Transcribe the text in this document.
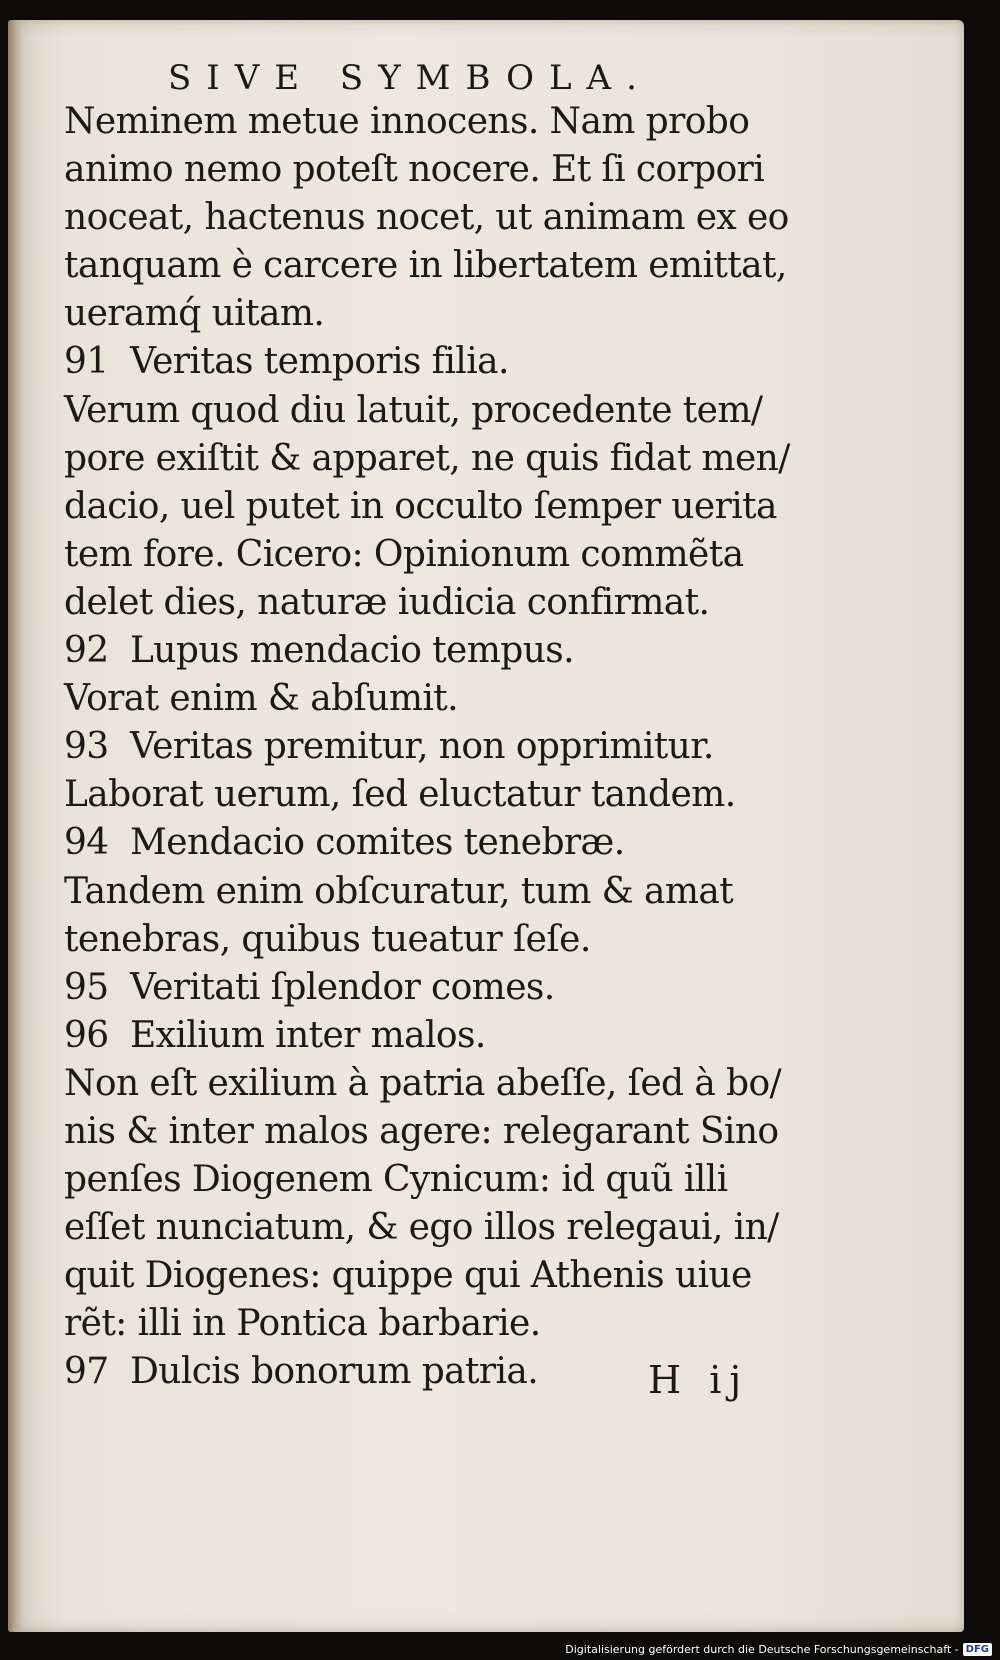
SIVE SYMBOLA.
Neminem metue innocens. Nam probo
animo nemo poteſt nocere. Et ſi corpori
noceat, hactenus nocet, ut animam ex eo
tanquam è carcere in libertatem emittat,
ueramq́ uitam.
91 Veritas temporis filia.
Verum quod diu latuit, procedente tem/
pore exiſtit & apparet, ne quis fidat men/
dacio, uel putet in occulto ſemper uerita
tem fore. Cicero: Opinionum commẽta
delet dies, naturæ iudicia confirmat.
92 Lupus mendacio tempus.
Vorat enim & abſumit.
93 Veritas premitur, non opprimitur.
Laborat uerum, ſed eluctatur tandem.
94 Mendacio comites tenebræ.
Tandem enim obſcuratur, tum & amat
tenebras, quibus tueatur ſeſe.
95 Veritati ſplendor comes.
96 Exilium inter malos.
Non eſt exilium à patria abeſſe, ſed à bo/
nis & inter malos agere: relegarant Sino
penſes Diogenem Cynicum: id quũ illi
eſſet nunciatum, & ego illos relegaui, in/
quit Diogenes: quippe qui Athenis uiue
rẽt: illi in Pontica barbarie.
97 Dulcis bonorum patria.	H ij
Digitalisierung gefördert durch die Deutsche Forschungsgemeinschaft - DFG
